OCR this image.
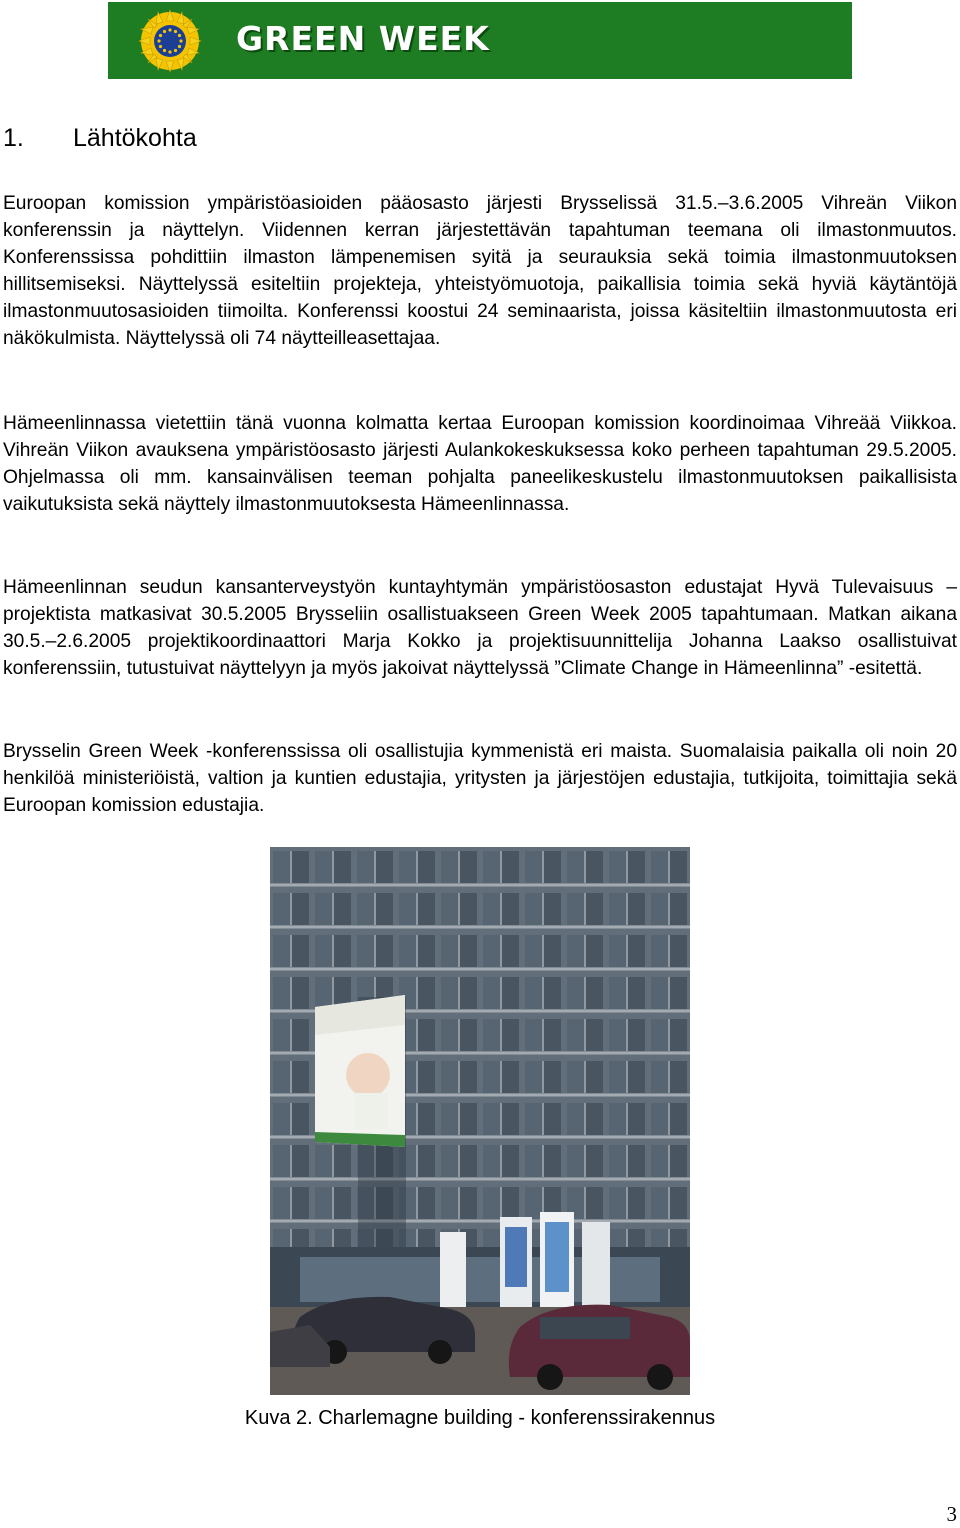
GREEN WEEK
1. Lähtökohta

Euroopan komission ympäristöasioiden pääosasto järjesti Brysselissä 31.5.–3.6.2005 Vihreän Viikon konferenssin ja näyttelyn. Viidennen kerran järjestettävän tapahtuman teemana oli ilmastonmuutos. Konferenssissa pohdittiin ilmaston lämpenemisen syitä ja seurauksia sekä toimia ilmastonmuutoksen hillitsemiseksi. Näyttelyssä esiteltiin projekteja, yhteistyömuotoja, paikallisia toimia sekä hyviä käytäntöjä ilmastonmuutosasioiden tiimoilta. Konferenssi koostui 24 seminaarista, joissa käsiteltiin ilmastonmuutosta eri näkökulmista. Näyttelyssä oli 74 näytteilleasettajaa.

Hämeenlinnassa vietettiin tänä vuonna kolmatta kertaa Euroopan komission koordinoimaa Vihreää Viikkoa. Vihreän Viikon avauksena ympäristöosasto järjesti Aulankokeskuksessa koko perheen tapahtuman 29.5.2005. Ohjelmassa oli mm. kansainvälisen teeman pohjalta paneelikeskustelu ilmastonmuutoksen paikallisista vaikutuksista sekä näyttely ilmastonmuutoksesta Hämeenlinnassa.

Hämeenlinnan seudun kansanterveystyön kuntayhtymän ympäristöosaston edustajat Hyvä Tulevaisuus – projektista matkasivat 30.5.2005 Brysseliin osallistuakseen Green Week 2005 tapahtumaan. Matkan aikana 30.5.–2.6.2005 projektikoordinaattori Marja Kokko ja projektisuunnittelija Johanna Laakso osallistuivat konferenssiin, tutustuivat näyttelyyn ja myös jakoivat näyttelyssä ”Climate Change in Hämeenlinna” -esitettä.

Brysselin Green Week -konferenssissa oli osallistujia kymmenistä eri maista. Suomalaisia paikalla oli noin 20 henkilöä ministeriöistä, valtion ja kuntien edustajia, yritysten ja järjestöjen edustajia, tutkijoita, toimittajia sekä Euroopan komission edustajia.

Kuva 2. Charlemagne building - konferenssirakennus
3
